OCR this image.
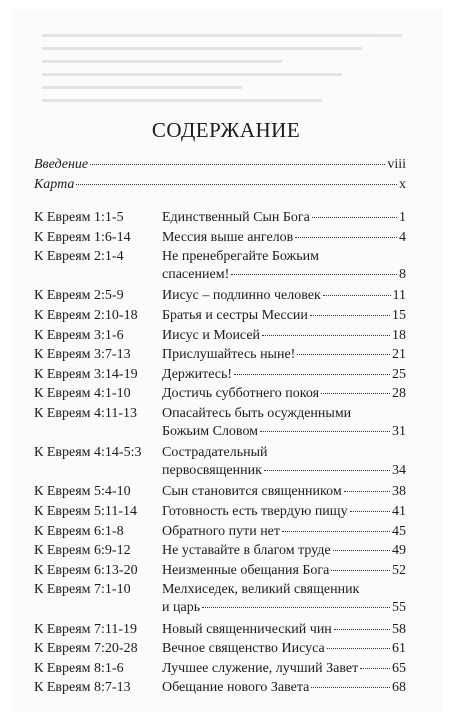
СОДЕРЖАНИЕ
Введение	viii
Карта	x
К Евреям 1:1-5	Единственный Сын Бога	1
К Евреям 1:6-14	Мессия выше ангелов	4
К Евреям 2:1-4	Не пренебрегайте Божьим
спасением!	8
К Евреям 2:5-9	Иисус – подлинно человек	11
К Евреям 2:10-18	Братья и сестры Мессии	15
К Евреям 3:1-6	Иисус и Моисей	18
К Евреям 3:7-13	Прислушайтесь ныне!	21
К Евреям 3:14-19	Держитесь!	25
К Евреям 4:1-10	Достичь субботнего покоя	28
К Евреям 4:11-13	Опасайтесь быть осужденными
Божьим Словом	31
К Евреям 4:14-5:3	Сострадательный
первосвященник	34
К Евреям 5:4-10	Сын становится священником	38
К Евреям 5:11-14	Готовность есть твердую пищу	41
К Евреям 6:1-8	Обратного пути нет	45
К Евреям 6:9-12	Не уставайте в благом труде	49
К Евреям 6:13-20	Неизменные обещания Бога	52
К Евреям 7:1-10	Мелхиседек, великий священник
и царь	55
К Евреям 7:11-19	Новый священнический чин	58
К Евреям 7:20-28	Вечное священство Иисуса	61
К Евреям 8:1-6	Лучшее служение, лучший Завет 65
К Евреям 8:7-13	Обещание нового Завета	68
